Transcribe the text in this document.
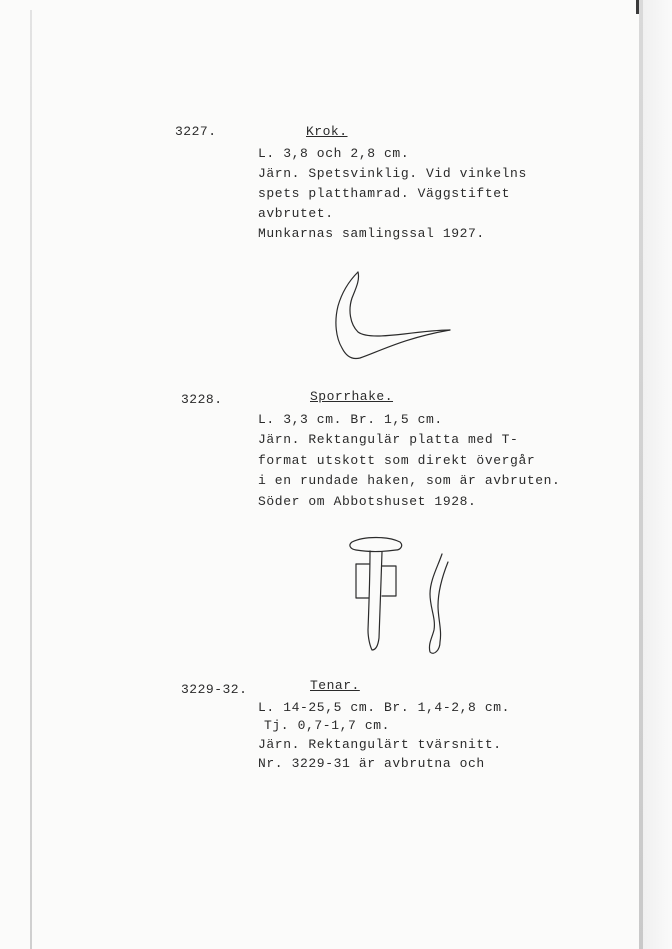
3227.	Krok.
L. 3,8 och 2,8 cm.
Järn. Spetsvinklig. Vid vinkelns
spets platthamrad. Väggstiftet
avbrutet.
Munkarnas samlingssal 1927.
3228.	Sporrhake.
L. 3,3 cm. Br. 1,5 cm.
Järn. Rektangulär platta med T-
format utskott som direkt övergår
i en rundade haken, som är avbruten.
Söder om Abbotshuset 1928.
3229-32.	Tenar.
L. 14-25,5 cm. Br. 1,4-2,8 cm.
Tj. 0,7-1,7 cm.
Järn. Rektangulärt tvärsnitt.
Nr. 3229-31 är avbrutna och
